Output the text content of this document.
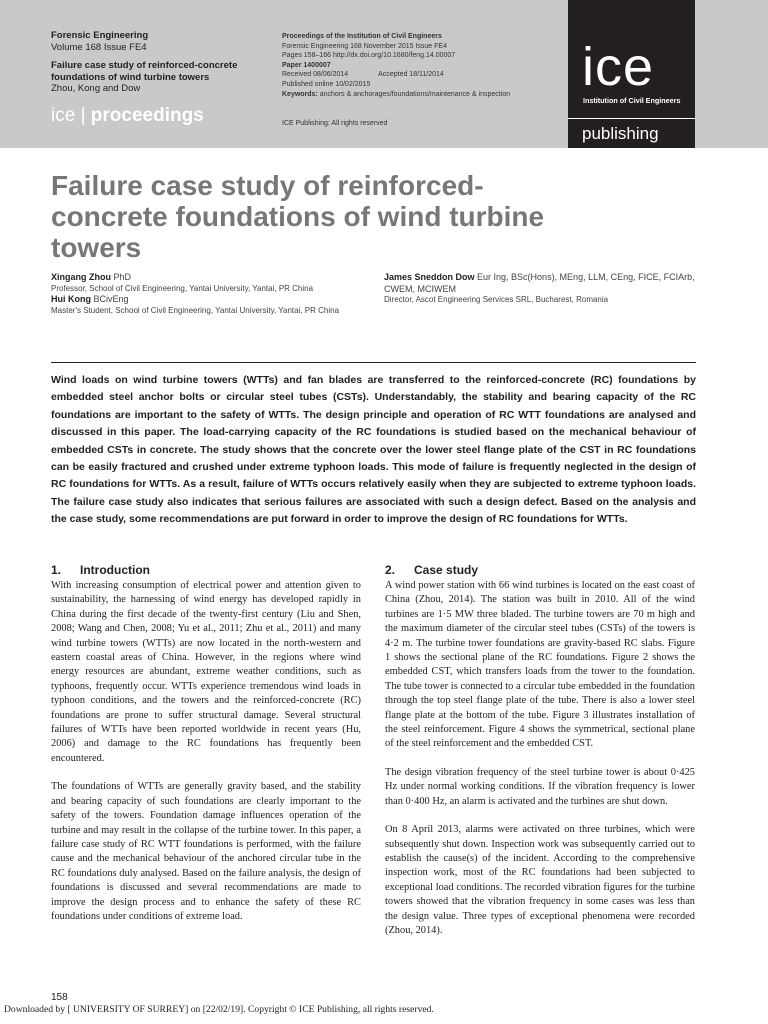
Forensic Engineering
Volume 168 Issue FE4
Failure case study of reinforced-concrete foundations of wind turbine towers
Zhou, Kong and Dow
ice | proceedings
Proceedings of the Institution of Civil Engineers
Forensic Engineering 168 November 2015 Issue FE4
Pages 158–166 http://dx.doi.org/10.1680/feng.14.00007
Paper 1400007
Received 08/06/2014	Accepted 18/11/2014
Published online 10/02/2015
Keywords: anchors & anchorages/foundations/maintenance & inspection
ICE Publishing: All rights reserved
ice
Institution of Civil Engineers
publishing
Failure case study of reinforced-concrete foundations of wind turbine towers
Xingang Zhou PhD
Professor, School of Civil Engineering, Yantai University, Yantai, PR China
Hui Kong BCivEng
Master's Student, School of Civil Engineering, Yantai University, Yantai, PR China
James Sneddon Dow Eur Ing, BSc(Hons), MEng, LLM, CEng, FICE, FCIArb, CWEM, MCIWEM
Director, Ascot Engineering Services SRL, Bucharest, Romania
Wind loads on wind turbine towers (WTTs) and fan blades are transferred to the reinforced-concrete (RC) foundations by embedded steel anchor bolts or circular steel tubes (CSTs). Understandably, the stability and bearing capacity of the RC foundations are important to the safety of WTTs. The design principle and operation of RC WTT foundations are analysed and discussed in this paper. The load-carrying capacity of the RC foundations is studied based on the mechanical behaviour of embedded CSTs in concrete. The study shows that the concrete over the lower steel flange plate of the CST in RC foundations can be easily fractured and crushed under extreme typhoon loads. This mode of failure is frequently neglected in the design of RC foundations for WTTs. As a result, failure of WTTs occurs relatively easily when they are subjected to extreme typhoon loads. The failure case study also indicates that serious failures are associated with such a design defect. Based on the analysis and the case study, some recommendations are put forward in order to improve the design of RC foundations for WTTs.
1. Introduction

With increasing consumption of electrical power and attention given to sustainability, the harnessing of wind energy has developed rapidly in China during the first decade of the twenty-first century (Liu and Shen, 2008; Wang and Chen, 2008; Yu et al., 2011; Zhu et al., 2011) and many wind turbine towers (WTTs) are now located in the north-western and eastern coastal areas of China. However, in the regions where wind energy resources are abundant, extreme weather conditions, such as typhoons, frequently occur. WTTs experience tremendous wind loads in typhoon conditions, and the towers and the reinforced-concrete (RC) foundations are prone to suffer structural damage. Several structural failures of WTTs have been reported worldwide in recent years (Hu, 2006) and damage to the RC foundations has frequently been encountered.

The foundations of WTTs are generally gravity based, and the stability and bearing capacity of such foundations are clearly important to the safety of the towers. Foundation damage influences operation of the turbine and may result in the collapse of the turbine tower. In this paper, a failure case study of RC WTT foundations is performed, with the failure cause and the mechanical behaviour of the anchored circular tube in the RC foundations duly analysed. Based on the failure analysis, the design of foundations is discussed and several recommendations are made to improve the design process and to enhance the safety of these RC foundations under conditions of extreme load.

2. Case study

A wind power station with 66 wind turbines is located on the east coast of China (Zhou, 2014). The station was built in 2010. All of the wind turbines are 1·5 MW three bladed. The turbine towers are 70 m high and the maximum diameter of the circular steel tubes (CSTs) of the towers is 4·2 m. The turbine tower foundations are gravity-based RC slabs. Figure 1 shows the sectional plane of the RC foundations. Figure 2 shows the embedded CST, which transfers loads from the tower to the foundation. The tube tower is connected to a circular tube embedded in the foundation through the top steel flange plate of the tube. There is also a lower steel flange plate at the bottom of the tube. Figure 3 illustrates installation of the steel reinforcement. Figure 4 shows the symmetrical, sectional plane of the steel reinforcement and the embedded CST.

The design vibration frequency of the steel turbine tower is about 0·425 Hz under normal working conditions. If the vibration frequency is lower than 0·400 Hz, an alarm is activated and the turbines are shut down.

On 8 April 2013, alarms were activated on three turbines, which were subsequently shut down. Inspection work was subsequently carried out to establish the cause(s) of the incident. According to the comprehensive inspection work, most of the RC foundations had been subjected to exceptional load conditions. The recorded vibration figures for the turbine towers showed that the vibration frequency in some cases was less than the design value. Three types of exceptional phenomena were recorded (Zhou, 2014).

158
Downloaded by [ UNIVERSITY OF SURREY] on [22/02/19]. Copyright © ICE Publishing, all rights reserved.
